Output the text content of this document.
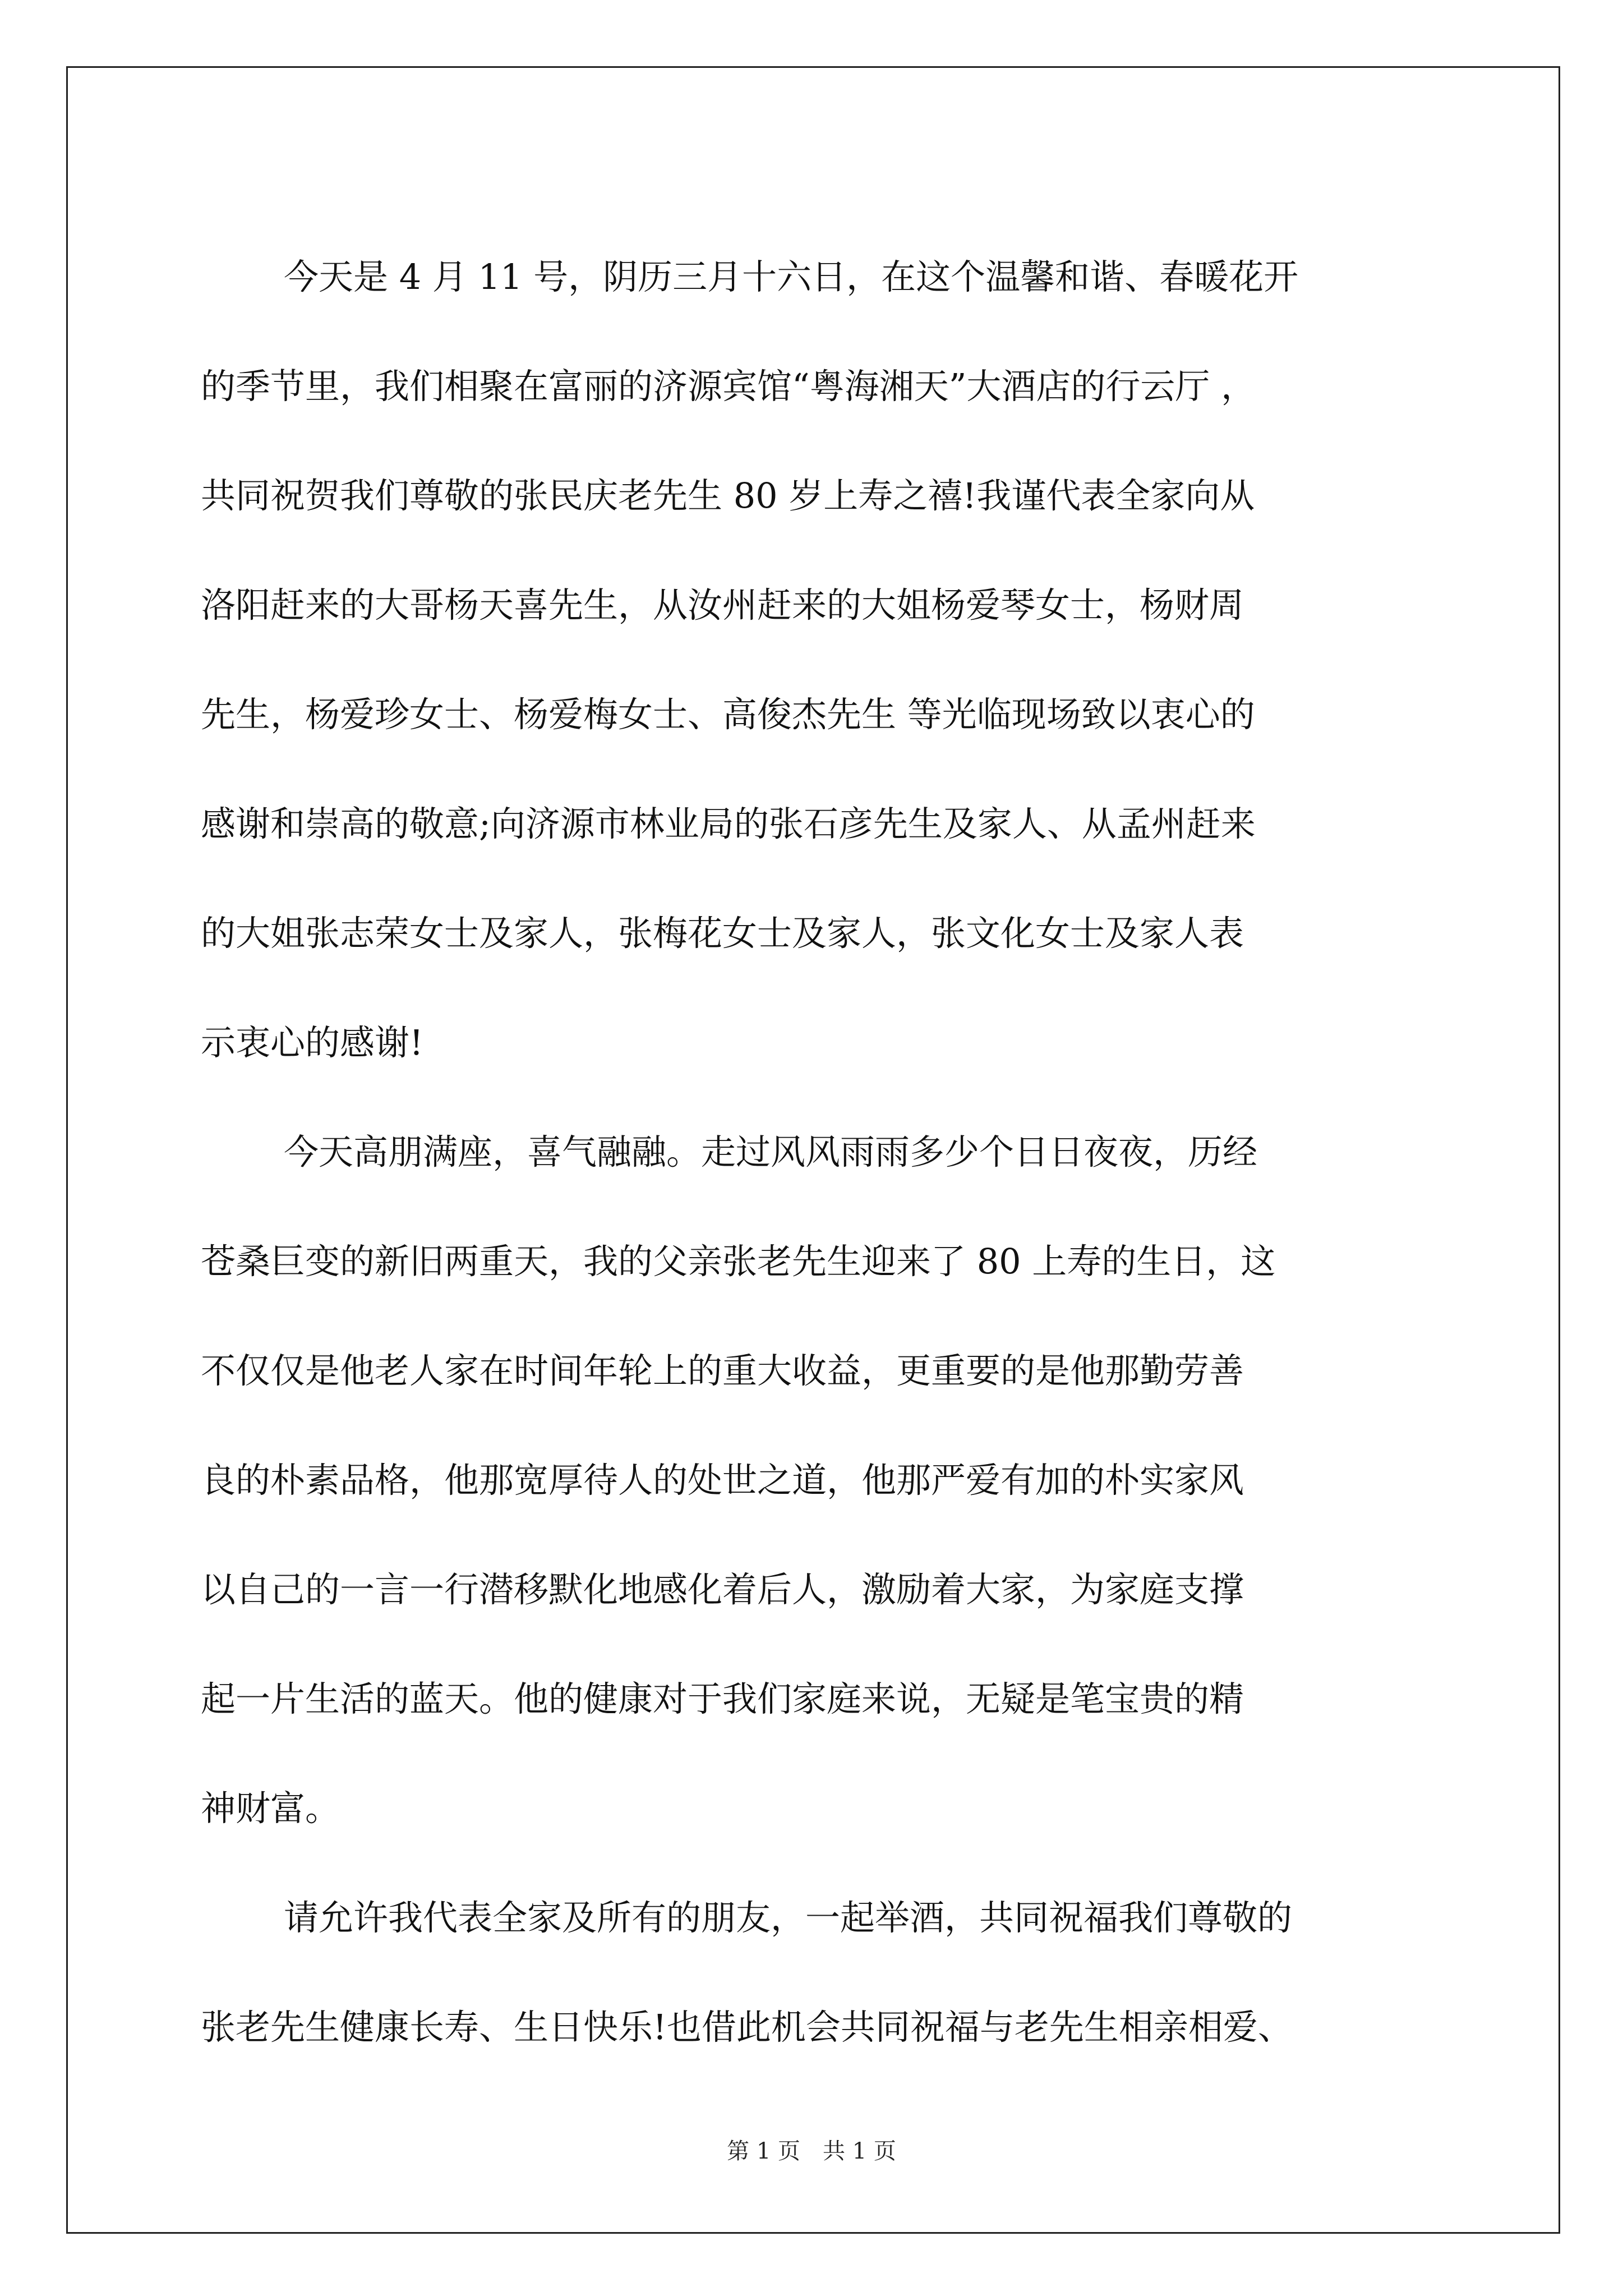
今天是 4 月 11 号，阴历三月十六日，在这个温馨和谐、春暖花开

的季节里，我们相聚在富丽的济源宾馆“粤海湘天”大酒店的行云厅 ，

共同祝贺我们尊敬的张民庆老先生 80 岁上寿之禧!我谨代表全家向从

洛阳赶来的大哥杨天喜先生，从汝州赶来的大姐杨爱琴女士，杨财周

先生，杨爱珍女士、杨爱梅女士、高俊杰先生 等光临现场致以衷心的

感谢和崇高的敬意;向济源市林业局的张石彦先生及家人、从孟州赶来

的大姐张志荣女士及家人，张梅花女士及家人，张文化女士及家人表

示衷心的感谢!

今天高朋满座，喜气融融。走过风风雨雨多少个日日夜夜，历经

苍桑巨变的新旧两重天，我的父亲张老先生迎来了 80 上寿的生日，这

不仅仅是他老人家在时间年轮上的重大收益，更重要的是他那勤劳善

良的朴素品格，他那宽厚待人的处世之道，他那严爱有加的朴实家风

以自己的一言一行潜移默化地感化着后人，激励着大家，为家庭支撑

起一片生活的蓝天。他的健康对于我们家庭来说，无疑是笔宝贵的精

神财富。

请允许我代表全家及所有的朋友，一起举酒，共同祝福我们尊敬的

张老先生健康长寿、生日快乐!也借此机会共同祝福与老先生相亲相爱、

第 1 页　共 1 页
